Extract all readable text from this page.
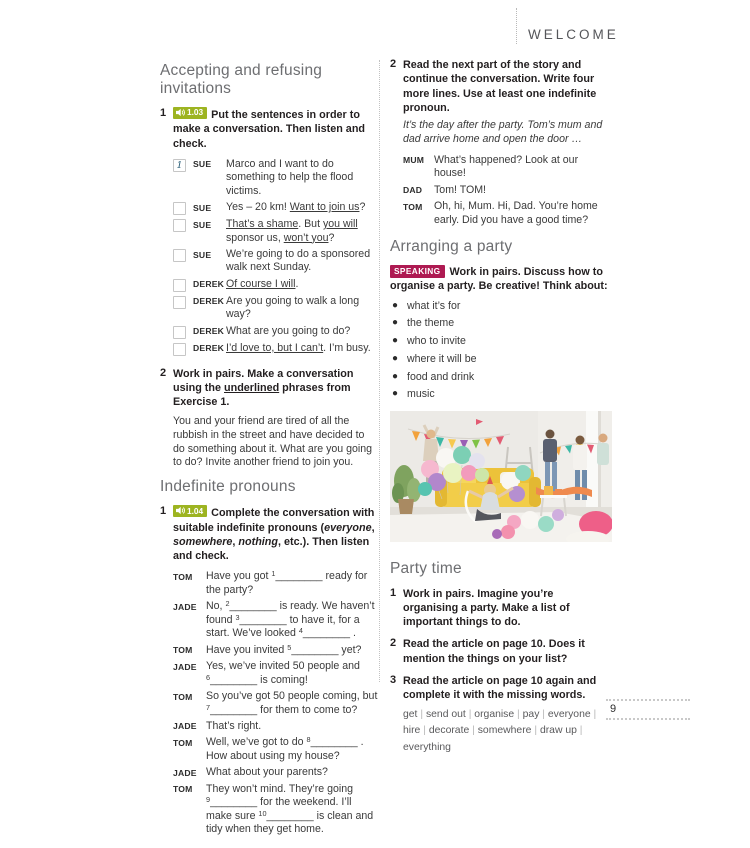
WELCOME
Accepting and refusing invitations
1	1.03 Put the sentences in order to make a conversation. Then listen and check.
1	SUE	Marco and I want to do something to help the flood victims.
SUE	Yes – 20 km! Want to join us?
SUE	That’s a shame. But you will sponsor us, won’t you?
SUE	We’re going to do a sponsored walk next Sunday.
DEREK Of course I will.
DEREK Are you going to walk a long way?
DEREK What are you going to do?
DEREK I’d love to, but I can’t. I’m busy.
2 Work in pairs. Make a conversation using the underlined phrases from Exercise 1.
You and your friend are tired of all the rubbish in the street and have decided to do something about it. What are you going to do? Invite another friend to join you.
Indefinite pronouns
1	1.04 Complete the conversation with suitable indefinite pronouns (everyone, somewhere, nothing, etc.). Then listen and check.
TOM	Have you got $^1$________ ready for the party?
JADE No, $^2$________ is ready. We haven’t found $^3$________ to have it, for a start. We’ve looked $^4$________ .
TOM	Have you invited $^5$________ yet?
JADE Yes, we’ve invited 50 people and $^6$________ is coming!
TOM	So you’ve got 50 people coming, but $^7$________ for them to come to?
JADE That’s right.
TOM	Well, we’ve got to do $^8$________ . How about using my house?
JADE What about your parents?
TOM	They won’t mind. They’re going $^9$________ for the weekend. I’ll make sure $^{10}$________ is clean and tidy when they get home.
2 Read the next part of the story and continue the conversation. Write four more lines. Use at least one indefinite pronoun.
It’s the day after the party. Tom’s mum and dad arrive home and open the door …
MUM What’s happened? Look at our house!
DAD	Tom! TOM!
TOM	Oh, hi, Mum. Hi, Dad. You’re home early. Did you have a good time?
Arranging a party
SPEAKING Work in pairs. Discuss how to organise a party. Be creative! Think about:
● what it’s for
● the theme
● who to invite
● where it will be
● food and drink
● music
Party time
1 Work in pairs. Imagine you’re organising a party. Make a list of important things to do.
2 Read the article on page 10. Does it mention the things on your list?
3 Read the article on page 10 again and complete it with the missing words.
get | send out | organise | pay | everyone | hire | decorate | somewhere | draw up | everything
9
